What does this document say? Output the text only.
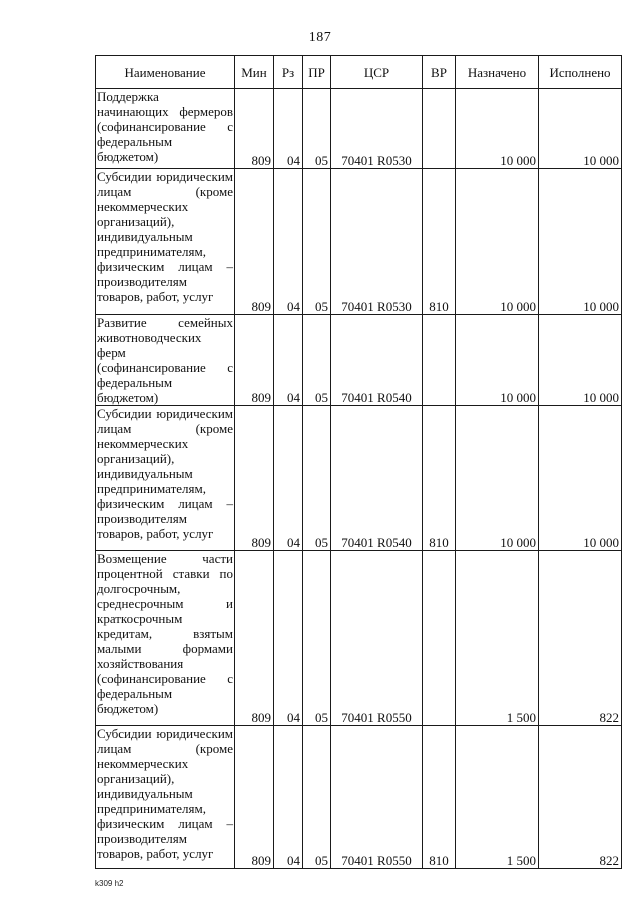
187
Наименование	Мин	Рз	ПР	ЦСР	ВР	Назначено	Исполнено
Поддержка начинающих фермеров (софинансирование с федеральным бюджетом)	809	04	05	70401 R0530		10 000	10 000
Субсидии юридическим лицам (кроме некоммерческих организаций), индивидуальным предпринимателям, физическим лицам – производителям товаров, работ, услуг	809	04	05	70401 R0530	810	10 000	10 000
Развитие семейных животноводческих ферм (софинансирование с федеральным бюджетом)	809	04	05	70401 R0540		10 000	10 000
Субсидии юридическим лицам (кроме некоммерческих организаций), индивидуальным предпринимателям, физическим лицам – производителям товаров, работ, услуг	809	04	05	70401 R0540	810	10 000	10 000
Возмещение части процентной ставки по долгосрочным, среднесрочным и краткосрочным кредитам, взятым малыми формами хозяйствования (софинансирование с федеральным бюджетом)	809	04	05	70401 R0550		1 500	822
Субсидии юридическим лицам (кроме некоммерческих организаций), индивидуальным предпринимателям, физическим лицам – производителям товаров, работ, услуг	809	04	05	70401 R0550	810	1 500	822
k309 h2
